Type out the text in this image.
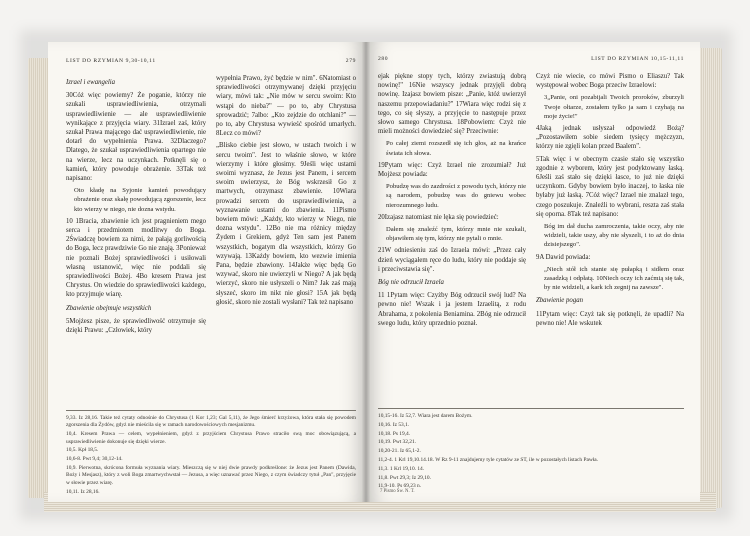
LIST DO RZYMIAN 9,30-10,11	279

Izrael i ewangelia

30Cóż więc powiemy? Że poganie, którzy nie szukali usprawiedliwienia, otrzymali usprawiedliwienie — ale usprawiedliwienie wynikające z przyjęcia wiary. 31Izrael zaś, który szukał Prawa mającego dać usprawiedliwienie, nie dotarł do wypełnienia Prawa. 32Dlaczego? Dlatego, że szukał usprawiedliwienia opartego nie na wierze, lecz na uczynkach. Potknęli się o kamień, który powoduje obrażenie. 33Tak też napisano:

Oto kładę na Syjonie kamień powodujący obrażenie oraz skałę powodującą zgorszenie, lecz kto wierzy w niego, nie dozna wstydu.

10 1Bracia, zbawienie ich jest pragnieniem mego serca i przedmiotem modlitwy do Boga. 2Świadczę bowiem za nimi, że pałają gorliwością do Boga, lecz prawdziwie Go nie znają. 3Ponieważ nie poznali Bożej sprawiedliwości i usiłowali własną ustanowić, więc nie poddali się sprawiedliwości Bożej. 4Bo kresem Prawa jest Chrystus. On wiedzie do sprawiedliwości każdego, kto przyjmuje wiarę.

Zbawienie obejmuje wszystkich

5Mojżesz pisze, że sprawiedliwość otrzymuje się dzięki Prawu: „Człowiek, który

wypełnia Prawo, żyć będzie w nim". 6Natomiast o sprawiedliwości otrzymywanej dzięki przyjęciu wiary, mówi tak: „Nie mów w sercu swoim: Kto wstąpi do nieba?" — po to, aby Chrystusa sprowadzić; 7albo: „Kto zejdzie do otchłani?" — po to, aby Chrystusa wywieść spośród umarłych. 8Lecz co mówi?

„Blisko ciebie jest słowo, w ustach twoich i w sercu twoim". Jest to właśnie słowo, w które wierzymy i które głosimy. 9Jeśli więc ustami swoimi wyznasz, że Jezus jest Panem, i sercem swoim uwierzysz, że Bóg wskrzesił Go z martwych, otrzymasz zbawienie. 10Wiara prowadzi sercem do usprawiedliwienia, a wyznawanie ustami do zbawienia. 11Pismo bowiem mówi: „Każdy, kto wierzy w Niego, nie dozna wstydu". 12Bo nie ma różnicy między Żydem i Grekiem, gdyż Ten sam jest Panem wszystkich, bogatym dla wszystkich, którzy Go wzywają. 13Każdy bowiem, kto wezwie imienia Pana, będzie zbawiony. 14Jakże więc będą Go wzywać, skoro nie uwierzyli w Niego? A jak będą wierzyć, skoro nie usłyszeli o Nim? Jak zaś mają słyszeć, skoro im nikt nie głosi? 15A jak będą głosić, skoro nie zostali wysłani? Tak też napisano

9,33. Iz 28,16. Takie też cytaty odnośnie do Chrystusa (1 Kor 1,23; Gal 5,11), że Jego śmierć krzyżowa, która stała się powodem zgorszenia dla Żydów, gdyż nie mieścila się w ramach narodowościowych mesjanizmu.

10,4. Kresem Prawa — celem, wypełnieniem, gdyż z przyjściem Chrystusa Prawo straciło swą moc obowiązującą, a usprawiedliwienie dokonuje się dzięki wierze.

10,5. Kpł 18,5.

10,6-8. Pwt 9,4; 30,12-14.

10,9. Pierwotna, skrócona formuła wyznania wiary. Mieszczą się w niej dwie prawdy podkreślone: że Jezus jest Panem (Dawida, Boży i Mesjasz), który z woli Boga zmartwychwstał — Jezusa, a więc uznawać przez Niego, z czym świadczy tytuł „Pan", przyjęcie w słowie przez wiarę.

10,11. Iz 28,16.

280	LIST DO RZYMIAN 10,15-11,11

ejak piękne stopy tych, którzy zwiastują dobrą nowinę!" 16Nie wszyscy jednak przyjęli dobrą nowinę. Izajasz bowiem pisze: „Panie, któż uwierzył naszemu przepowiadaniu?" 17Wiara więc rodzi się z tego, co się słyszy, a przyjęcie to następuje przez słowo samego Chrystusa. 18Pobowiem: Czyż nie mieli możności dowiedzieć się? Przeciwnie:

Po całej ziemi rozszedł się ich głos, aż na krańce świata ich słowa.

19Pytam więc: Czyż Izrael nie zrozumiał? Już Mojżesz powiada:

Pobudzę was do zazdrości z powodu tych, którzy nie są narodem, pobudzę was do gniewu wobec nierozumnego ludu.

20Izajasz natomiast nie lęka się powiedzieć:

Dałem się znaleźć tym, którzy mnie nie szukali, objawiłem się tym, którzy nie pytali o mnie.

21W odniesieniu zaś do Izraela mówi: „Przez cały dzień wyciągałem ręce do ludu, który nie poddaje się i przeciwstawia się".

Bóg nie odrzucił Izraela

11 1Pytam więc: Czyżby Bóg odrzucił swój lud? Na pewno nie! Wszak i ja jestem Izraelitą, z rodu Abrahama, z pokolenia Beniamina. 2Bóg nie odrzucił swego ludu, który uprzednio poznał.

Czyż nie wiecie, co mówi Pismo o Eliaszu? Tak występował wobec Boga przeciw Izraelowi:

3„Panie, oni pozabijali Twoich proroków, zburzyli Twoje ołtarze, zostałem tylko ja sam i czyhają na moje życie!"

4Jaką jednak usłyszał odpowiedź Bożą? „Pozostawiłem sobie siedem tysięcy mężczyzn, którzy nie zgięli kolan przed Baalem".

5Tak więc i w obecnym czasie stało się wszystko zgodnie z wyborem, który jest podyktowany łaską. 6Jeśli zaś stało się dzięki łasce, to już nie dzięki uczynkom. Gdyby bowiem było inaczej, to łaska nie byłaby już łaską. 7Cóż więc? Izrael nie znalazł tego, czego poszukuje. Znaleźli to wybrani, reszta zaś stała się oporna. 8Tak też napisano:

Bóg im dał ducha zamroczenia, takie oczy, aby nie widzieli, takie uszy, aby nie słyszeli, i to aż do dnia dzisiejszego".

9A Dawid powiada:

„Niech stół ich stanie się pułapką i sidłem oraz zasadzką i odpłatą. 10Niech oczy ich zaćmią się tak, by nie widzieli, a kark ich zegnij na zawsze".

Zbawienie pogan

11Pytam więc: Czyż tak się potknęli, że upadli? Na pewno nie! Ale wskutek

10,15-16. Iz 52,7. Wiara jest darem Bożym.

10,16. Iz 53,1.

10,18. Ps 19,4.

10,19. Pwt 32,21.

10,20-21. Iz 65,1-2.

11,2-4. 1 Krl 19,10.14.18. W Rz 9-11 znajdujemy tyle cytatów ze ST, ile w pozostałych listach Pawła.

11,3. 1 Krl 19,10. 14.

11,8. Pwt 29,3; Iz 29,10.

11,9-10. Ps 69,23 n.

7 Pismo Św. N. T.
